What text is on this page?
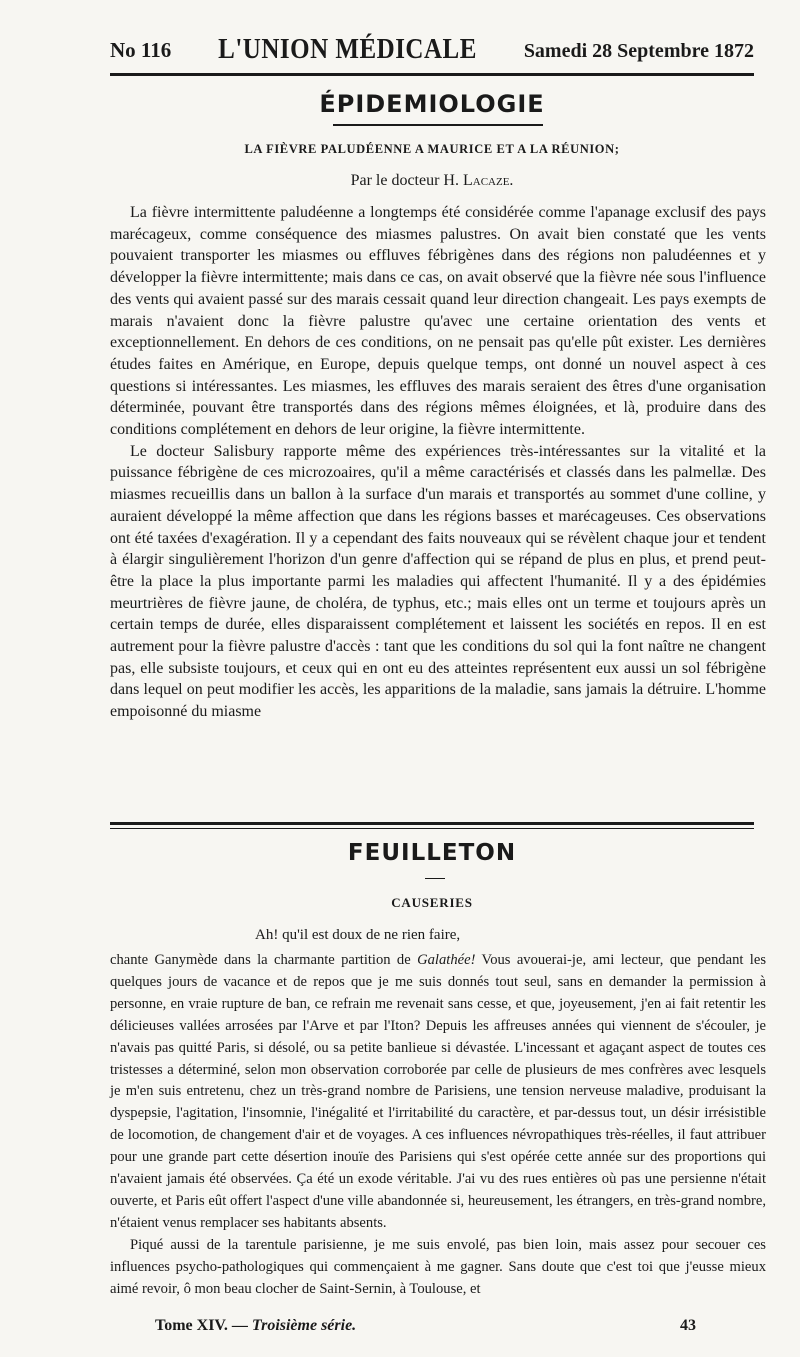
No 116 L'UNION MÉDICALE Samedi 28 Septembre 1872
ÉPIDEMIOLOGIE
LA FIÈVRE PALUDÉENNE A MAURICE ET A LA RÉUNION;
Par le docteur H. Lacaze.

La fièvre intermittente paludéenne a longtemps été considérée comme l'apanage exclusif des pays marécageux, comme conséquence des miasmes palustres. On avait bien constaté que les vents pouvaient transporter les miasmes ou effluves fébrigènes dans des régions non paludéennes et y développer la fièvre intermittente; mais dans ce cas, on avait observé que la fièvre née sous l'influence des vents qui avaient passé sur des marais cessait quand leur direction changeait. Les pays exempts de marais n'avaient donc la fièvre palustre qu'avec une certaine orientation des vents et exceptionnellement. En dehors de ces conditions, on ne pensait pas qu'elle pût exister. Les dernières études faites en Amérique, en Europe, depuis quelque temps, ont donné un nouvel aspect à ces questions si intéressantes. Les miasmes, les effluves des marais seraient des êtres d'une organisation déterminée, pouvant être transportés dans des régions mêmes éloignées, et là, produire dans des conditions complétement en dehors de leur origine, la fièvre intermittente.

Le docteur Salisbury rapporte même des expériences très-intéressantes sur la vitalité et la puissance fébrigène de ces microzoaires, qu'il a même caractérisés et classés dans les palmellæ. Des miasmes recueillis dans un ballon à la surface d'un marais et transportés au sommet d'une colline, y auraient développé la même affection que dans les régions basses et marécageuses. Ces observations ont été taxées d'exagération. Il y a cependant des faits nouveaux qui se révèlent chaque jour et tendent à élargir singulièrement l'horizon d'un genre d'affection qui se répand de plus en plus, et prend peut-être la place la plus importante parmi les maladies qui affectent l'humanité. Il y a des épidémies meurtrières de fièvre jaune, de choléra, de typhus, etc.; mais elles ont un terme et toujours après un certain temps de durée, elles disparaissent complétement et laissent les sociétés en repos. Il en est autrement pour la fièvre palustre d'accès : tant que les conditions du sol qui la font naître ne changent pas, elle subsiste toujours, et ceux qui en ont eu des atteintes représentent eux aussi un sol fébrigène dans lequel on peut modifier les accès, les apparitions de la maladie, sans jamais la détruire. L'homme empoisonné du miasme

FEUILLETON
CAUSERIES
Ah! qu'il est doux de ne rien faire,

chante Ganymède dans la charmante partition de Galathée! Vous avouerai-je, ami lecteur, que pendant les quelques jours de vacance et de repos que je me suis donnés tout seul, sans en demander la permission à personne, en vraie rupture de ban, ce refrain me revenait sans cesse, et que, joyeusement, j'en ai fait retentir les délicieuses vallées arrosées par l'Arve et par l'Iton? Depuis les affreuses années qui viennent de s'écouler, je n'avais pas quitté Paris, si désolé, ou sa petite banlieue si dévastée. L'incessant et agaçant aspect de toutes ces tristesses a déterminé, selon mon observation corroborée par celle de plusieurs de mes confrères avec lesquels je m'en suis entretenu, chez un très-grand nombre de Parisiens, une tension nerveuse maladive, produisant la dyspepsie, l'agitation, l'insomnie, l'inégalité et l'irritabilité du caractère, et par-dessus tout, un désir irrésistible de locomotion, de changement d'air et de voyages. A ces influences névropathiques très-réelles, il faut attribuer pour une grande part cette désertion inouïe des Parisiens qui s'est opérée cette année sur des proportions qui n'avaient jamais été observées. Ça été un exode véritable. J'ai vu des rues entières où pas une persienne n'était ouverte, et Paris eût offert l'aspect d'une ville abandonnée si, heureusement, les étrangers, en très-grand nombre, n'étaient venus remplacer ses habitants absents.

Piqué aussi de la tarentule parisienne, je me suis envolé, pas bien loin, mais assez pour secouer ces influences psycho-pathologiques qui commençaient à me gagner. Sans doute que c'est toi que j'eusse mieux aimé revoir, ô mon beau clocher de Saint-Sernin, à Toulouse, et

Tome XIV. — Troisième série.	43
